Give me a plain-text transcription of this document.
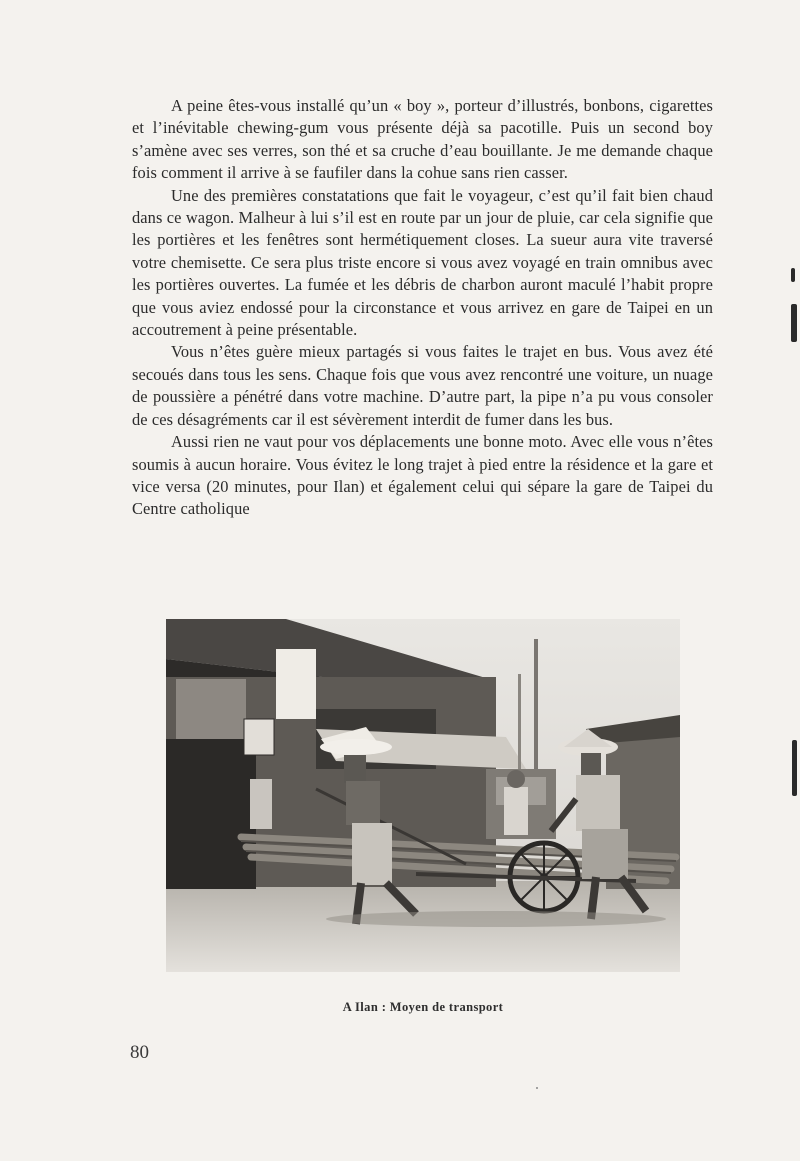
A peine êtes-vous installé qu’un « boy », porteur d’illustrés, bonbons, cigarettes et l’inévitable chewing-gum vous présente déjà sa pacotille. Puis un second boy s’amène avec ses verres, son thé et sa cruche d’eau bouillante. Je me demande chaque fois comment il arrive à se faufiler dans la cohue sans rien casser.

Une des premières constatations que fait le voyageur, c’est qu’il fait bien chaud dans ce wagon. Malheur à lui s’il est en route par un jour de pluie, car cela signifie que les portières et les fenêtres sont hermétiquement closes. La sueur aura vite traversé votre chemisette. Ce sera plus triste encore si vous avez voyagé en train omnibus avec les portières ouvertes. La fumée et les débris de charbon auront maculé l’habit propre que vous aviez endossé pour la circonstance et vous arrivez en gare de Taipei en un accoutrement à peine présentable.

Vous n’êtes guère mieux partagés si vous faites le trajet en bus. Vous avez été secoués dans tous les sens. Chaque fois que vous avez rencontré une voiture, un nuage de poussière a pénétré dans votre machine. D’autre part, la pipe n’a pu vous consoler de ces désagréments car il est sévèrement interdit de fumer dans les bus.

Aussi rien ne vaut pour vos déplacements une bonne moto. Avec elle vous n’êtes soumis à aucun horaire. Vous évitez le long trajet à pied entre la résidence et la gare et vice versa (20 minutes, pour Ilan) et également celui qui sépare la gare de Taipei du Centre catholique

A Ilan : Moyen de transport
80
